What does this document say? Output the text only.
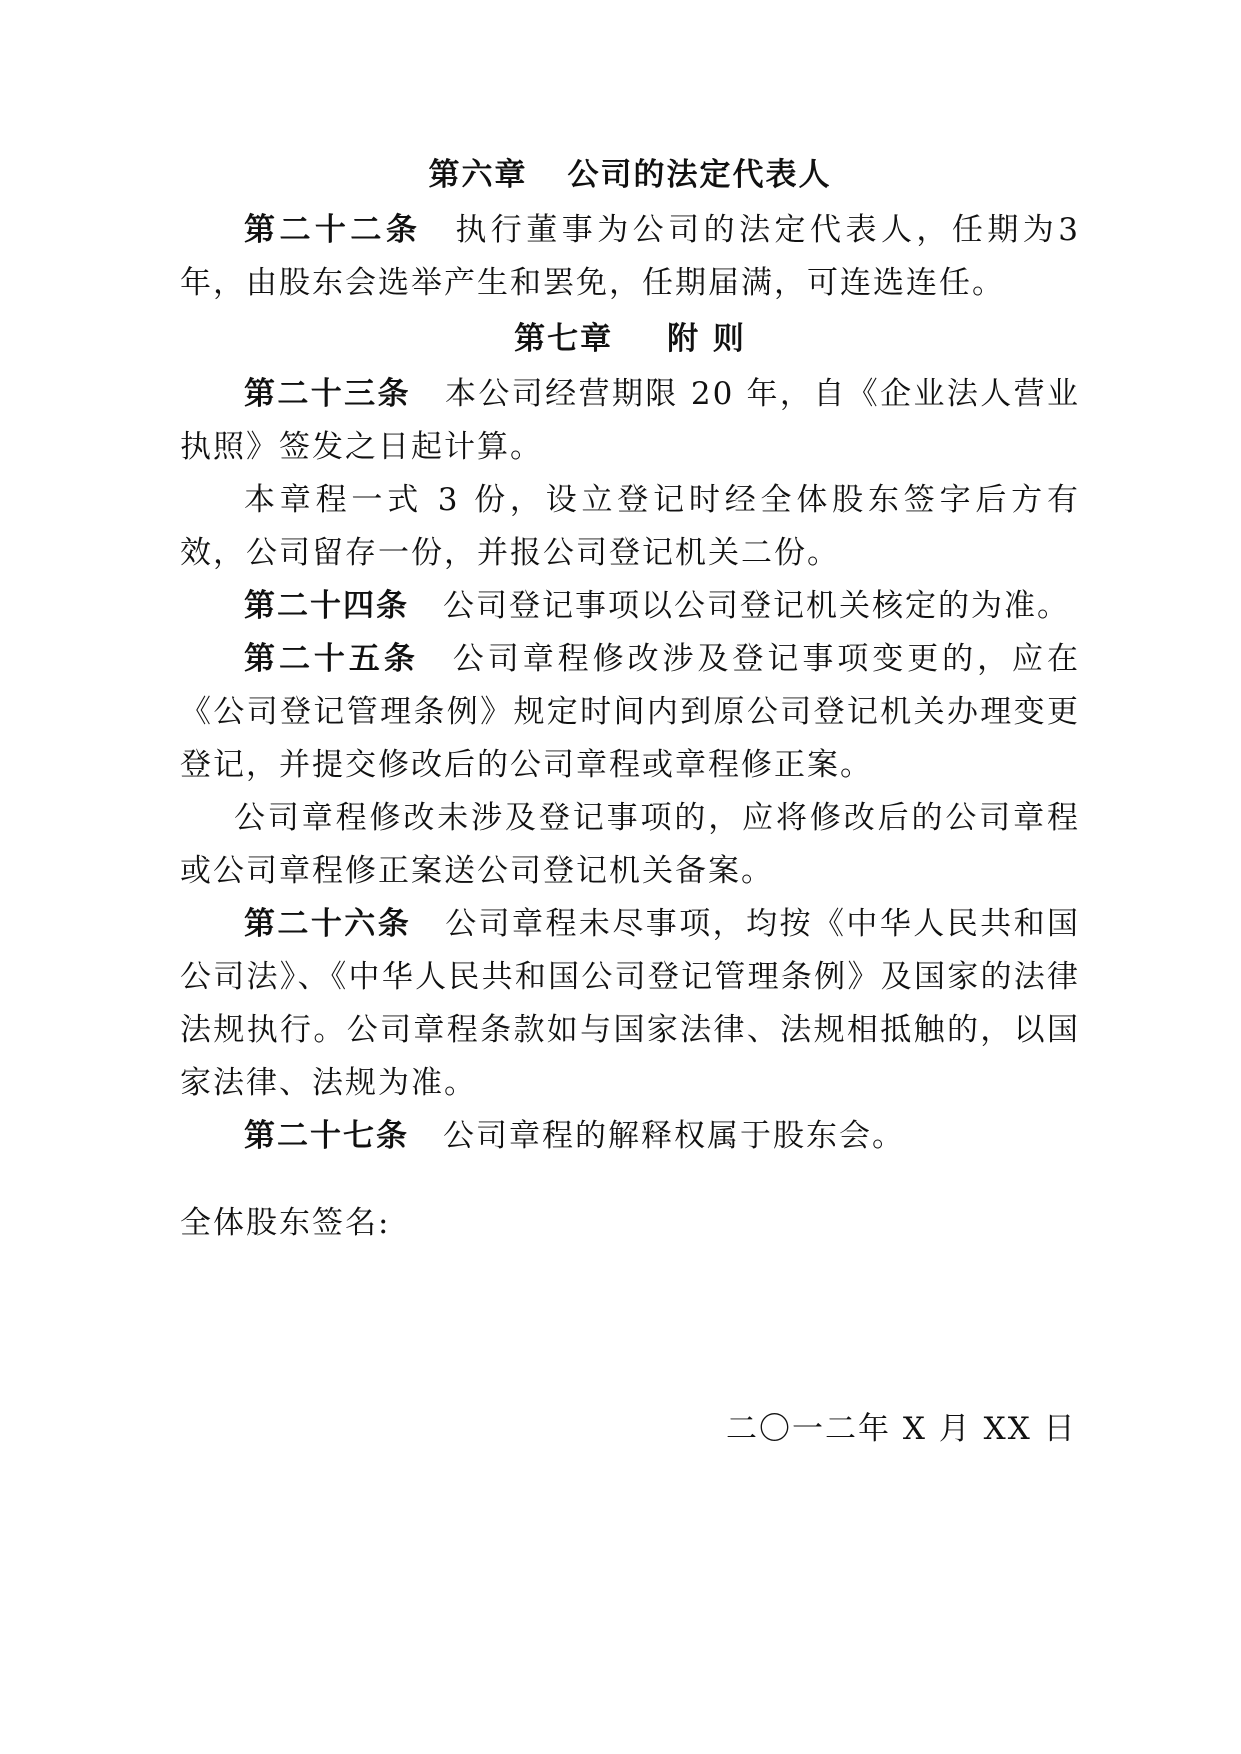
第六章 公司的法定代表人

第二十二条 执行董事为公司的法定代表人，任期为3年，由股东会选举产生和罢免，任期届满，可连选连任。

第七章 附 则

第二十三条 本公司经营期限 20 年，自《企业法人营业执照》签发之日起计算。

本章程一式 3 份，设立登记时经全体股东签字后方有效，公司留存一份，并报公司登记机关二份。

第二十四条 公司登记事项以公司登记机关核定的为准。

第二十五条 公司章程修改涉及登记事项变更的，应在《公司登记管理条例》规定时间内到原公司登记机关办理变更登记，并提交修改后的公司章程或章程修正案。

公司章程修改未涉及登记事项的，应将修改后的公司章程或公司章程修正案送公司登记机关备案。

第二十六条 公司章程未尽事项，均按《中华人民共和国公司法》、《中华人民共和国公司登记管理条例》及国家的法律法规执行。公司章程条款如与国家法律、法规相抵触的，以国家法律、法规为准。

第二十七条 公司章程的解释权属于股东会。

全体股东签名:
二〇一二年 X 月 XX 日
